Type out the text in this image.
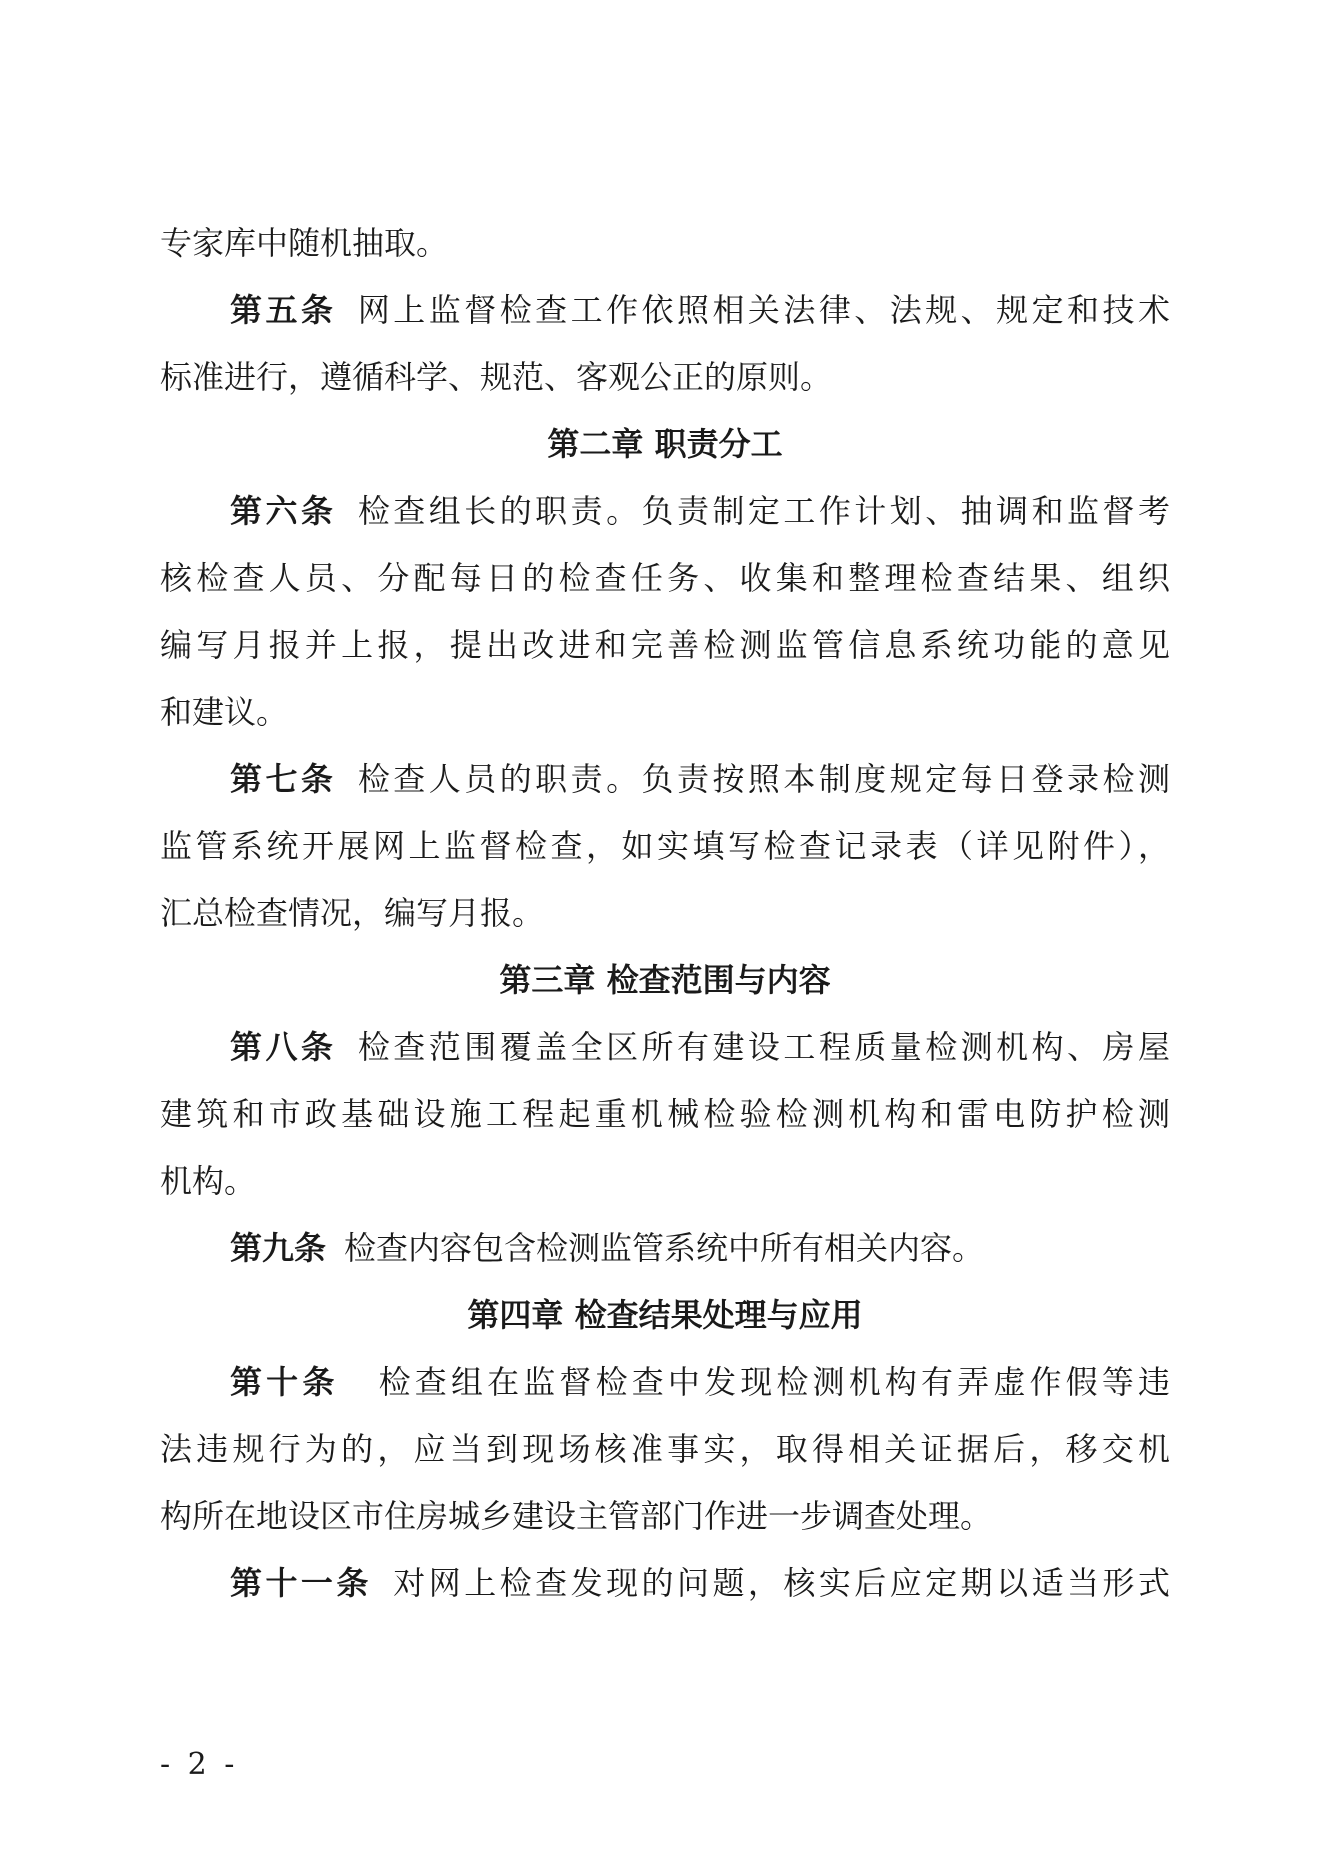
专家库中随机抽取。
第五条 网上监督检查工作依照相关法律、法规、规定和技术
标准进行，遵循科学、规范、客观公正的原则。
第二章 职责分工
第六条 检查组长的职责。负责制定工作计划、抽调和监督考
核检查人员、分配每日的检查任务、收集和整理检查结果、组织
编写月报并上报，提出改进和完善检测监管信息系统功能的意见
和建议。
第七条 检查人员的职责。负责按照本制度规定每日登录检测
监管系统开展网上监督检查，如实填写检查记录表（详见附件），
汇总检查情况，编写月报。
第三章 检查范围与内容
第八条 检查范围覆盖全区所有建设工程质量检测机构、房屋
建筑和市政基础设施工程起重机械检验检测机构和雷电防护检测
机构。
第九条 检查内容包含检测监管系统中所有相关内容。
第四章 检查结果处理与应用
第十条 检查组在监督检查中发现检测机构有弄虚作假等违
法违规行为的，应当到现场核准事实，取得相关证据后，移交机
构所在地设区市住房城乡建设主管部门作进一步调查处理。
第十一条 对网上检查发现的问题，核实后应定期以适当形式
- 2 -
